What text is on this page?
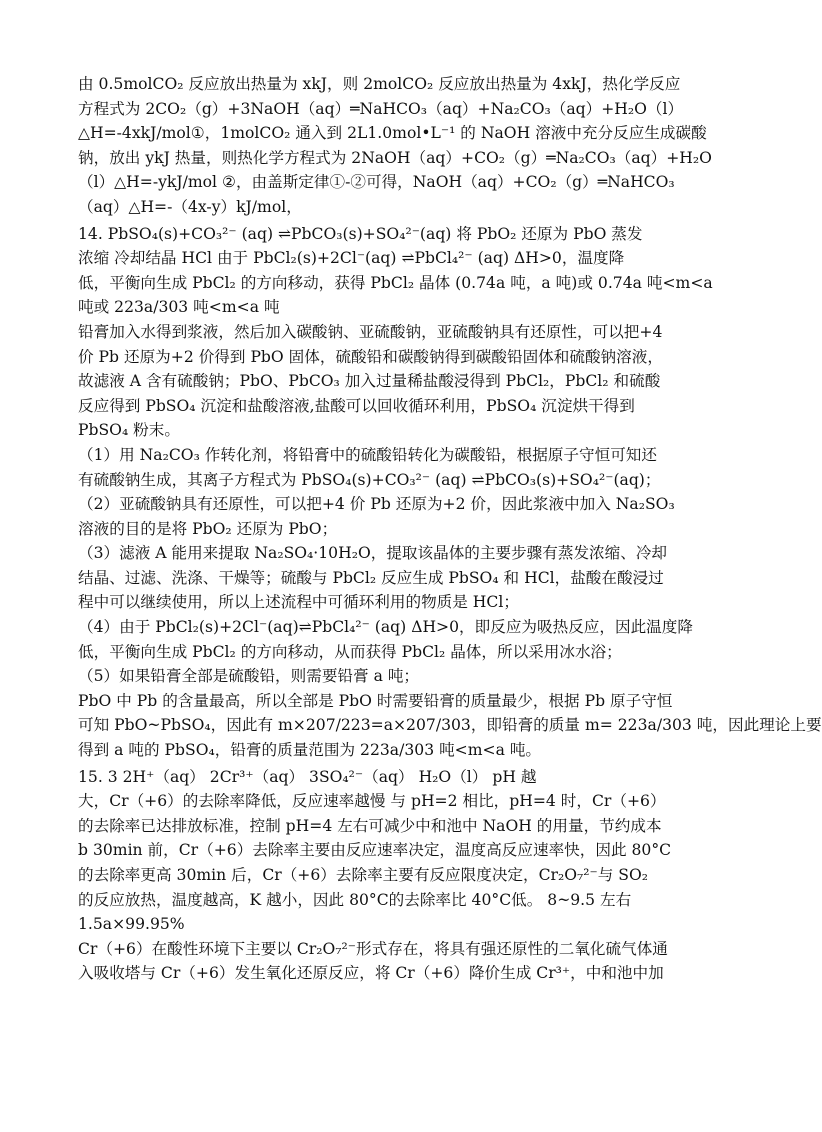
由 0.5molCO₂ 反应放出热量为 xkJ，则 2molCO₂ 反应放出热量为 4xkJ，热化学反应
方程式为 2CO₂（g）+3NaOH（aq）═NaHCO₃（aq）+Na₂CO₃（aq）+H₂O（l）
△H=-4xkJ/mol①，1molCO₂ 通入到 2L1.0mol•L⁻¹ 的 NaOH 溶液中充分反应生成碳酸
钠，放出 ykJ 热量，则热化学方程式为 2NaOH（aq）+CO₂（g）═Na₂CO₃（aq）+H₂O
（l）△H=-ykJ/mol ②，由盖斯定律①-②可得，NaOH（aq）+CO₂（g）═NaHCO₃
（aq）△H=-（4x-y）kJ/mol，
14. PbSO₄(s)+CO₃²⁻ (aq) ⇌PbCO₃(s)+SO₄²⁻(aq) 将 PbO₂ 还原为 PbO 蒸发
浓缩 冷却结晶 HCl 由于 PbCl₂(s)+2Cl⁻(aq) ⇌PbCl₄²⁻ (aq) ΔH>0，温度降
低，平衡向生成 PbCl₂ 的方向移动，获得 PbCl₂ 晶体 (0.74a 吨，a 吨)或 0.74a 吨<m<a
吨或 223a/303 吨<m<a 吨
铅膏加入水得到浆液，然后加入碳酸钠、亚硫酸钠，亚硫酸钠具有还原性，可以把+4
价 Pb 还原为+2 价得到 PbO 固体，硫酸铅和碳酸钠得到碳酸铅固体和硫酸钠溶液，
故滤液 A 含有硫酸钠；PbO、PbCO₃ 加入过量稀盐酸浸得到 PbCl₂，PbCl₂ 和硫酸
反应得到 PbSO₄ 沉淀和盐酸溶液,盐酸可以回收循环利用，PbSO₄ 沉淀烘干得到
PbSO₄ 粉末。
（1）用 Na₂CO₃ 作转化剂，将铅膏中的硫酸铅转化为碳酸铅，根据原子守恒可知还
有硫酸钠生成，其离子方程式为 PbSO₄(s)+CO₃²⁻ (aq) ⇌PbCO₃(s)+SO₄²⁻(aq)；
（2）亚硫酸钠具有还原性，可以把+4 价 Pb 还原为+2 价，因此浆液中加入 Na₂SO₃
溶液的目的是将 PbO₂ 还原为 PbO；
（3）滤液 A 能用来提取 Na₂SO₄·10H₂O，提取该晶体的主要步骤有蒸发浓缩、冷却
结晶、过滤、洗涤、干燥等；硫酸与 PbCl₂ 反应生成 PbSO₄ 和 HCl，盐酸在酸浸过
程中可以继续使用，所以上述流程中可循环利用的物质是 HCl；
（4）由于 PbCl₂(s)+2Cl⁻(aq)⇌PbCl₄²⁻ (aq) ΔH>0，即反应为吸热反应，因此温度降
低，平衡向生成 PbCl₂ 的方向移动，从而获得 PbCl₂ 晶体，所以采用冰水浴；
（5）如果铅膏全部是硫酸铅，则需要铅膏 a 吨；
PbO 中 Pb 的含量最高，所以全部是 PbO 时需要铅膏的质量最少，根据 Pb 原子守恒
可知 PbO~PbSO₄，因此有 m×207/223=a×207/303，即铅膏的质量 m= 223a/303 吨，因此理论上要
得到 a 吨的 PbSO₄，铅膏的质量范围为 223a/303 吨<m<a 吨。
15. 3 2H⁺（aq） 2Cr³⁺（aq） 3SO₄²⁻（aq） H₂O（l） pH 越
大，Cr（+6）的去除率降低，反应速率越慢 与 pH=2 相比，pH=4 时，Cr（+6）
的去除率已达排放标准，控制 pH=4 左右可减少中和池中 NaOH 的用量，节约成本
b 30min 前，Cr（+6）去除率主要由反应速率决定，温度高反应速率快，因此 80°C
的去除率更高 30min 后，Cr（+6）去除率主要有反应限度决定，Cr₂O₇²⁻与 SO₂
的反应放热，温度越高，K 越小，因此 80°C的去除率比 40°C低。 8~9.5 左右
1.5a×99.95%
Cr（+6）在酸性环境下主要以 Cr₂O₇²⁻形式存在，将具有强还原性的二氧化硫气体通
入吸收塔与 Cr（+6）发生氧化还原反应，将 Cr（+6）降价生成 Cr³⁺，中和池中加
